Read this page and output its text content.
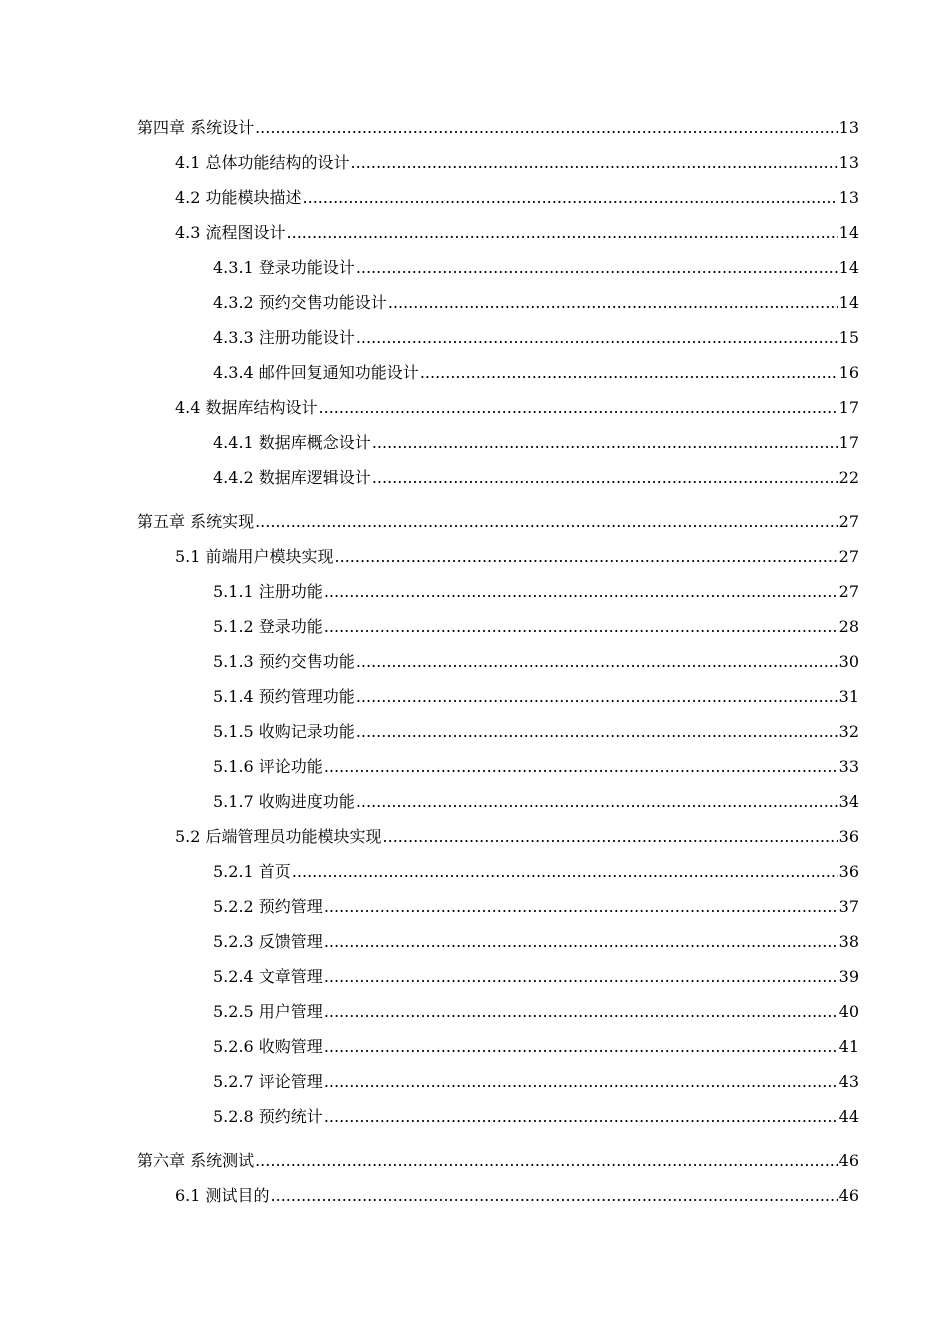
第四章 系统设计 .....	13
4.1 总体功能结构的设计 .....	13
4.2 功能模块描述 .....	13
4.3 流程图设计 .....	14
4.3.1 登录功能设计 .....	14
4.3.2 预约交售功能设计 .....	14
4.3.3 注册功能设计 .....	15
4.3.4 邮件回复通知功能设计 .....	16
4.4 数据库结构设计 .....	17
4.4.1 数据库概念设计 .....	17
4.4.2 数据库逻辑设计 .....	22
第五章 系统实现 .....	27
5.1 前端用户模块实现 .....	27
5.1.1 注册功能 .....	27
5.1.2 登录功能 .....	28
5.1.3 预约交售功能 .....	30
5.1.4 预约管理功能 .....	31
5.1.5 收购记录功能 .....	32
5.1.6 评论功能 .....	33
5.1.7 收购进度功能 .....	34
5.2 后端管理员功能模块实现 .....	36
5.2.1 首页 .....	36
5.2.2 预约管理 .....	37
5.2.3 反馈管理 .....	38
5.2.4 文章管理 .....	39
5.2.5 用户管理 .....	40
5.2.6 收购管理 .....	41
5.2.7 评论管理 .....	43
5.2.8 预约统计 .....	44
第六章 系统测试 .....	46
6.1 测试目的 .....	46
